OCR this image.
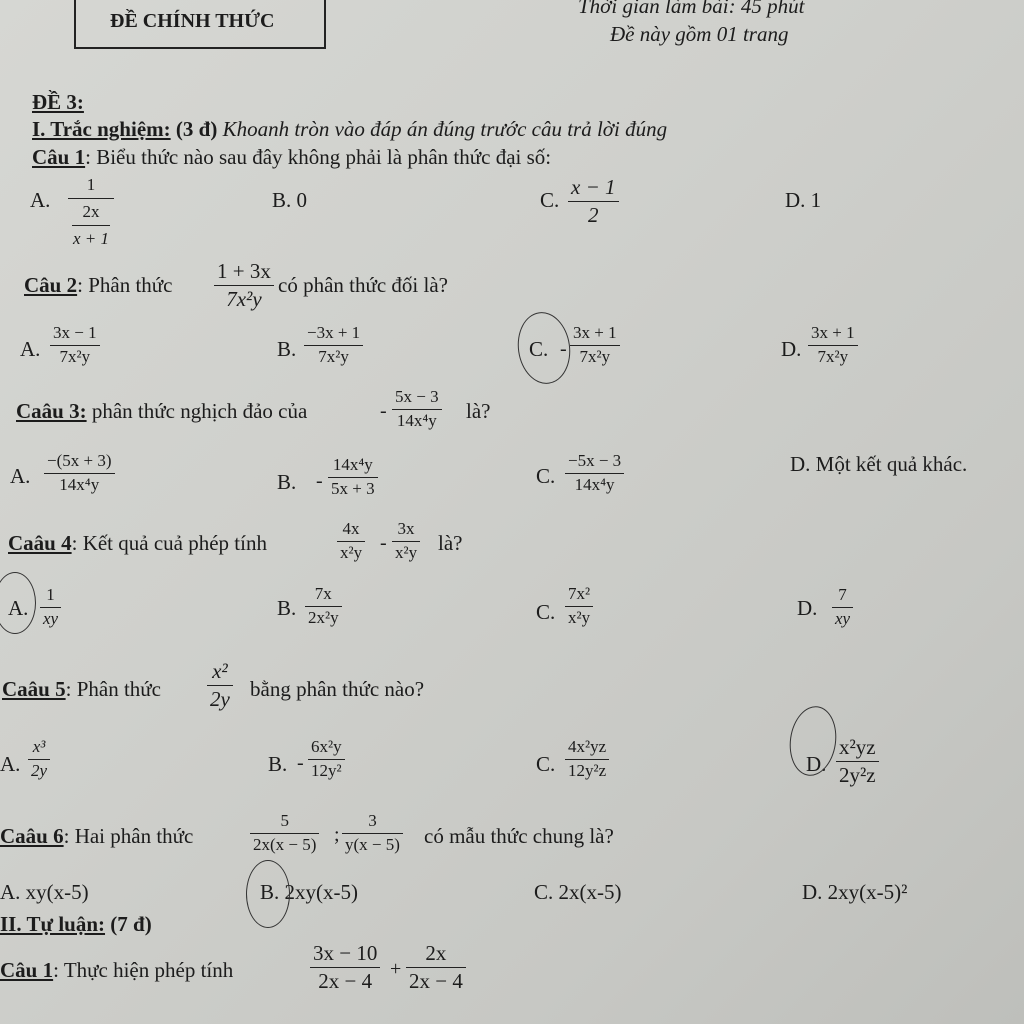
ĐỀ CHÍNH THỨC
Thời gian làm bài: 45 phút
Đề này gồm 01 trang
ĐỀ 3:
I. Trắc nghiệm: (3 đ) Khoanh tròn vào đáp án đúng trước câu trả lời đúng
Câu 1: Biểu thức nào sau đây không phải là phân thức đại số:
A.
1
2x
x + 1
B. 0	C.
x − 1
2
D. 1
Câu 2: Phân thức
1 + 3x
7x²y
có phân thức đối là?
A.
3x − 1
7x²y	B.
−3x + 1
7x²y	C. -
3x + 1
7x²y	D.
3x + 1
7x²y
Caâu 3: phân thức nghịch đảo của	-
5x − 3
14x⁴y là?
A.
−(5x + 3)
14x⁴y	B. -
14x⁴y
5x + 3
C.
−5x − 3
14x⁴y
D. Một kết quả khác.
Caâu 4: Kết quả cuả phép tính
4x
x²y -
3x
x²y là?
A.
1
xy	B.
7x
2x²y	C.
7x²
x²y	D.
7
xy
Caâu 5: Phân thức
x²
2y bằng phân thức nào?
A.
x³
2y	B. -
6x²y
12y²	C.
4x²yz
12y²z	D.
x²yz
2y²z
Caâu 6: Hai phân thức
5
2x(x − 5) ;
3
y(x − 5) có mẫu thức chung là?
A. xy(x-5)	B. 2xy(x-5)	C. 2x(x-5)	D. 2xy(x-5)²
II. Tự luận: (7 đ)
Câu 1: Thực hiện phép tính
3x − 10
2x − 4
+
2x
2x − 4
